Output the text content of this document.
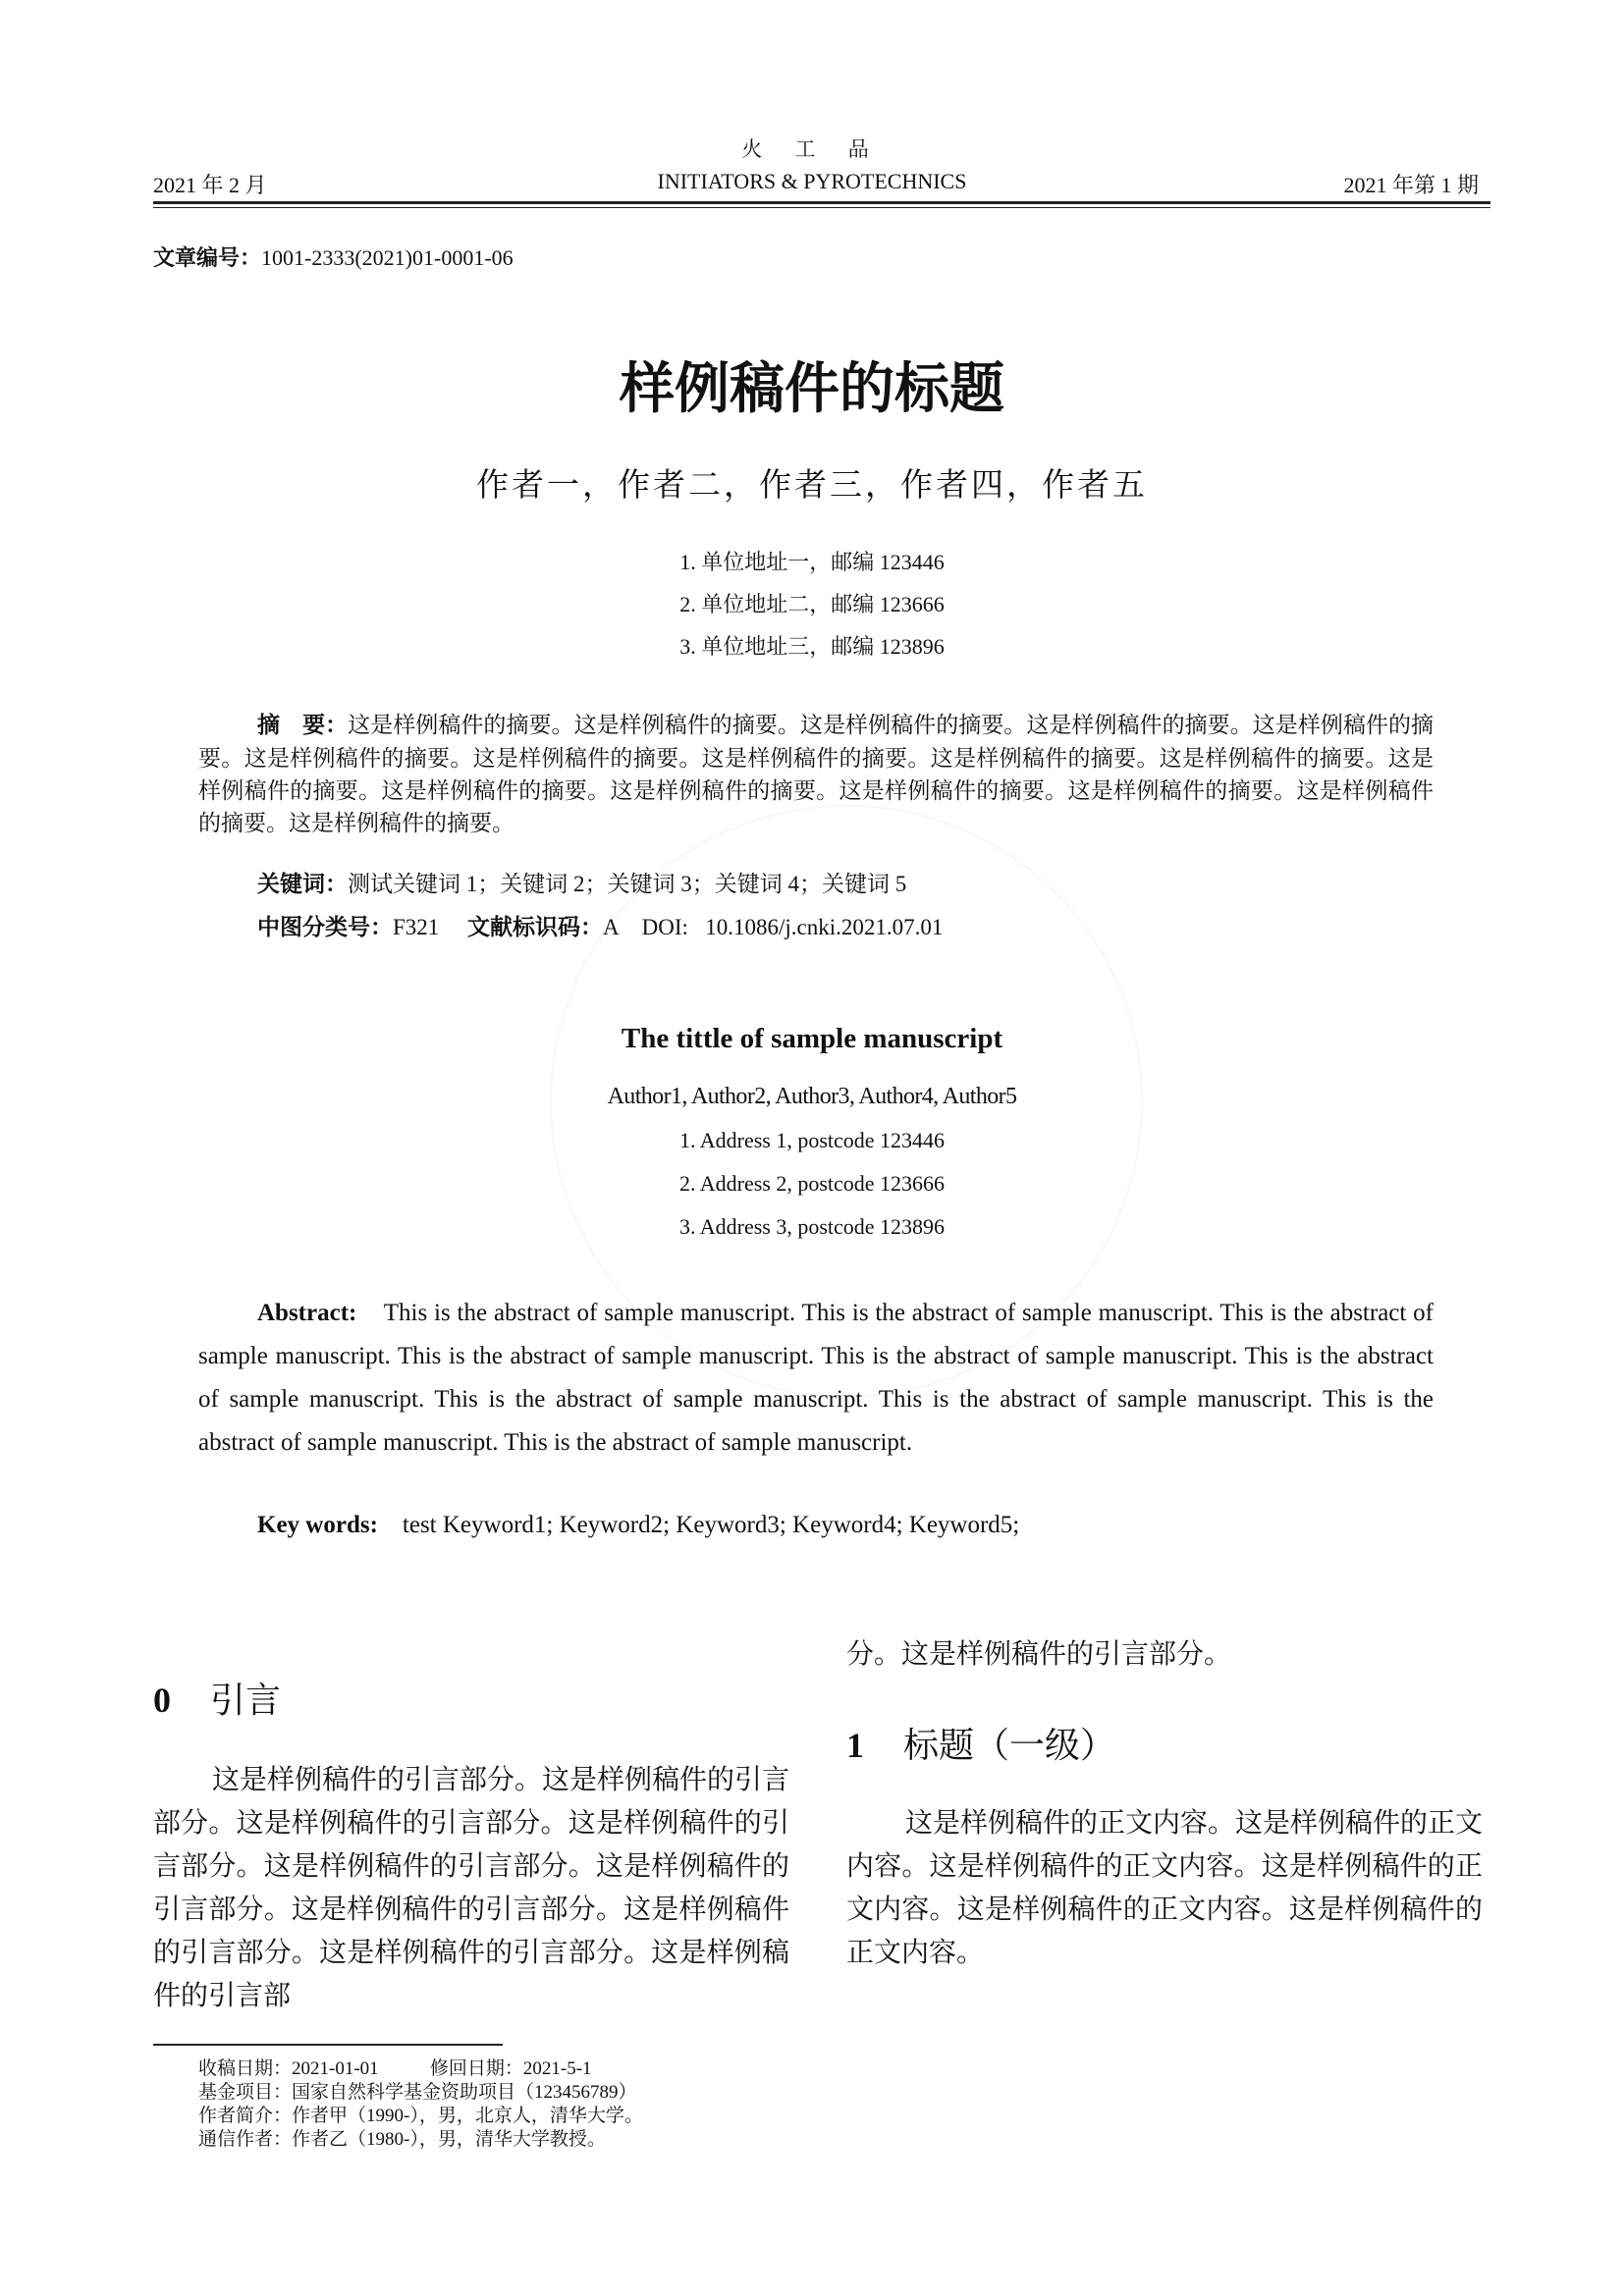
火 工 品
2021 年 2 月	INITIATORS & PYROTECHNICS	2021 年第 1 期
文章编号：1001-2333(2021)01-0001-06
样例稿件的标题
作者一，作者二，作者三，作者四，作者五
1. 单位地址一，邮编 123446
2. 单位地址二，邮编 123666
3. 单位地址三，邮编 123896
摘　要：这是样例稿件的摘要。这是样例稿件的摘要。这是样例稿件的摘要。这是样例稿件的摘要。这是样例稿件的摘要。这是样例稿件的摘要。这是样例稿件的摘要。这是样例稿件的摘要。这是样例稿件的摘要。这是样例稿件的摘要。这是样例稿件的摘要。这是样例稿件的摘要。这是样例稿件的摘要。这是样例稿件的摘要。这是样例稿件的摘要。这是样例稿件的摘要。这是样例稿件的摘要。
关键词：测试关键词 1；关键词 2；关键词 3；关键词 4；关键词 5
中图分类号：F321 文献标识码：A DOI: 10.1086/j.cnki.2021.07.01
The tittle of sample manuscript
Author1, Author2, Author3, Author4, Author5
1. Address 1, postcode 123446
2. Address 2, postcode 123666
3. Address 3, postcode 123896
Abstract: This is the abstract of sample manuscript. This is the abstract of sample manuscript. This is the abstract of sample manuscript. This is the abstract of sample manuscript. This is the abstract of sample manuscript. This is the abstract of sample manuscript. This is the abstract of sample manuscript. This is the abstract of sample manuscript. This is the abstract of sample manuscript. This is the abstract of sample manuscript.
Key words: test Keyword1; Keyword2; Keyword3; Keyword4; Keyword5;
0 引言
这是样例稿件的引言部分。这是样例稿件的引言部分。这是样例稿件的引言部分。这是样例稿件的引言部分。这是样例稿件的引言部分。这是样例稿件的引言部分。这是样例稿件的引言部分。这是样例稿件的引言部分。这是样例稿件的引言部分。这是样例稿件的引言部
分。这是样例稿件的引言部分。
1 标题（一级）
这是样例稿件的正文内容。这是样例稿件的正文内容。这是样例稿件的正文内容。这是样例稿件的正文内容。这是样例稿件的正文内容。这是样例稿件的正文内容。
收稿日期：2021-01-01	修回日期：2021-5-1
基金项目：国家自然科学基金资助项目（123456789）
作者简介：作者甲（1990-），男，北京人，清华大学。
通信作者：作者乙（1980-），男，清华大学教授。
